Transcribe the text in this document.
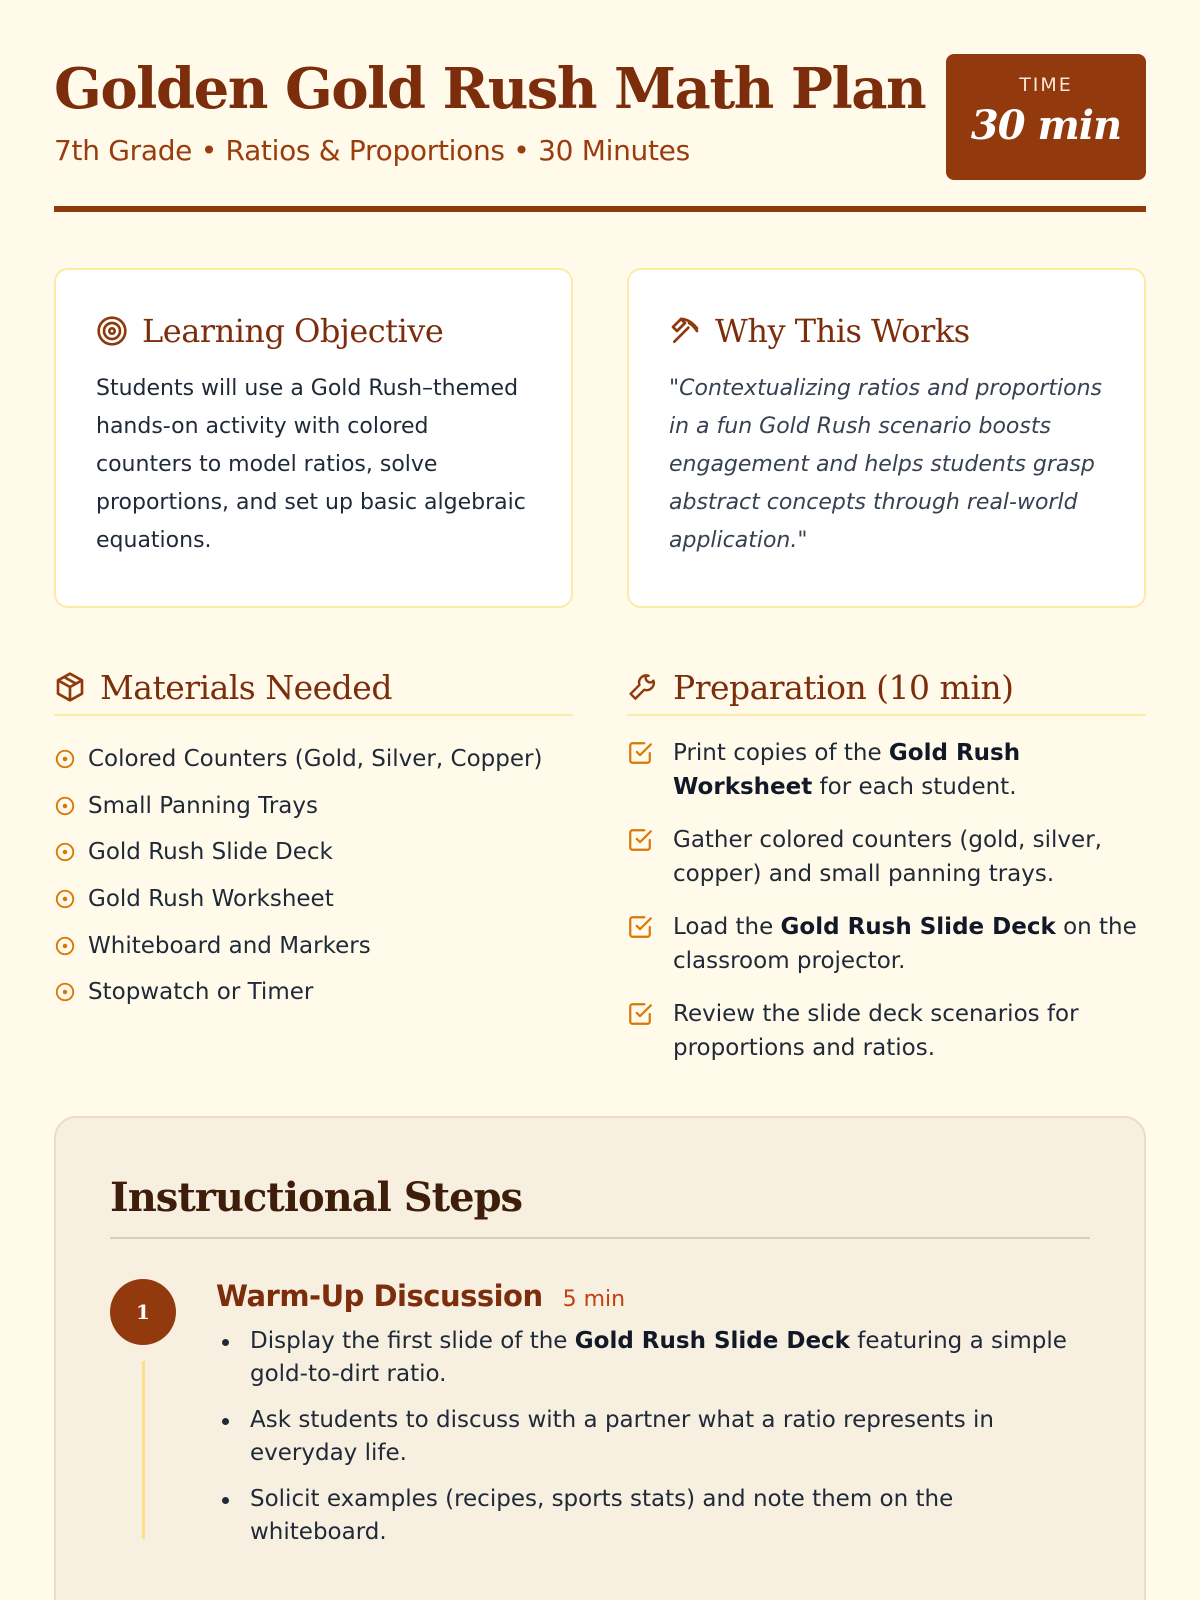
Golden Gold Rush Math Plan
7th Grade • Ratios & Proportions • 30 Minutes
TIME
30 min
Learning Objective

Students will use a Gold Rush–themed hands-on activity with colored counters to model ratios, solve proportions, and set up basic algebraic equations.

Why This Works

"Contextualizing ratios and proportions in a fun Gold Rush scenario boosts engagement and helps students grasp abstract concepts through real-world application."

Materials Needed
Colored Counters (Gold, Silver, Copper)
Small Panning Trays
Gold Rush Slide Deck
Gold Rush Worksheet
Whiteboard and Markers
Stopwatch or Timer
Preparation (10 min)
Print copies of the Gold Rush Worksheet for each student.
Gather colored counters (gold, silver, copper) and small panning trays.
Load the Gold Rush Slide Deck on the classroom projector.
Review the slide deck scenarios for proportions and ratios.
Instructional Steps
1	Warm-Up Discussion 5 min
Display the first slide of the Gold Rush Slide Deck featuring a simple gold-to-dirt ratio.
Ask students to discuss with a partner what a ratio represents in everyday life.
Solicit examples (recipes, sports stats) and note them on the whiteboard.
